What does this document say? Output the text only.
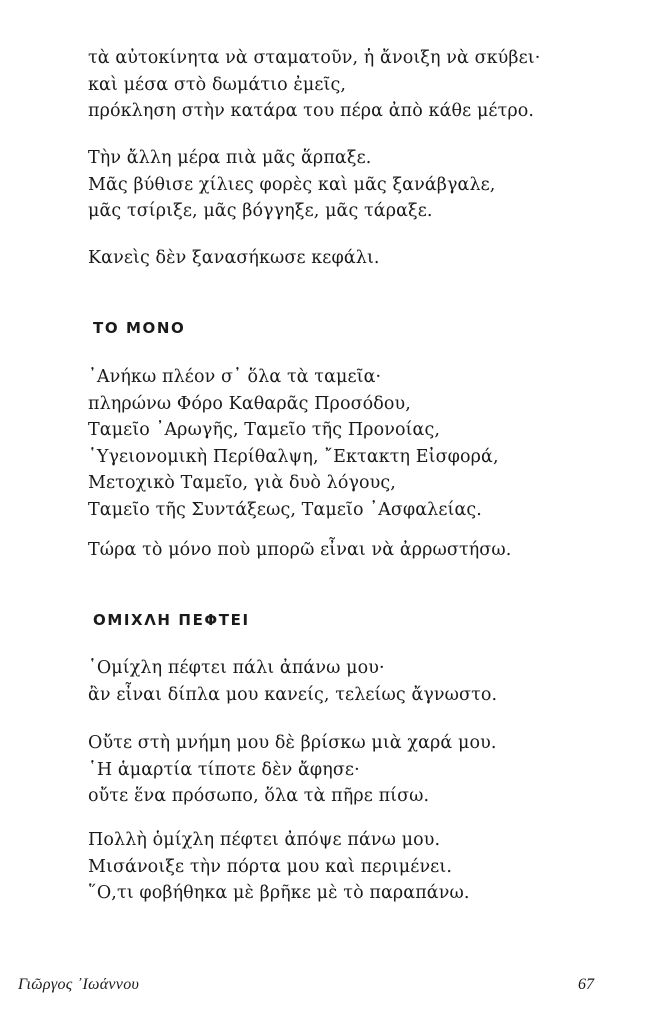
τὰ αὐτοκίνητα νὰ σταματοῦν, ἡ ἄνοιξη νὰ σκύβει·
καὶ μέσα στὸ δωμάτιο ἐμεῖς,
πρόκληση στὴν κατάρα του πέρα ἀπὸ κάθε μέτρο.
Τὴν ἄλλη μέρα πιὰ μᾶς ἅρπαξε.
Μᾶς βύθισε χίλιες φορὲς καὶ μᾶς ξανάβγαλε,
μᾶς τσίριξε, μᾶς βόγγηξε, μᾶς τάραξε.
Κανεὶς δὲν ξανασήκωσε κεφάλι.
ΤΟ ΜΟΝΟ
᾿Ανήκω πλέον σ᾿ ὅλα τὰ ταμεῖα·
πληρώνω Φόρο Καθαρᾶς Προσόδου,
Ταμεῖο ᾿Αρωγῆς, Ταμεῖο τῆς Προνοίας,
῾Υγειονομικὴ Περίθαλψη, ῎Εκτακτη Εἰσφορά,
Μετοχικὸ Ταμεῖο, γιὰ δυὸ λόγους,
Ταμεῖο τῆς Συντάξεως, Ταμεῖο ᾿Ασφαλείας.
Τώρα τὸ μόνο ποὺ μπορῶ εἶναι νὰ ἀρρωστήσω.
ΟΜΙΧΛΗ ΠΕΦΤΕΙ
῾Ομίχλη πέφτει πάλι ἀπάνω μου·
ἂν εἶναι δίπλα μου κανείς, τελείως ἄγνωστο.
Οὔτε στὴ μνήμη μου δὲ βρίσκω μιὰ χαρά μου.
῾Η ἁμαρτία τίποτε δὲν ἄφησε·
οὔτε ἕνα πρόσωπο, ὅλα τὰ πῆρε πίσω.
Πολλὴ ὁμίχλη πέφτει ἀπόψε πάνω μου.
Μισάνοιξε τὴν πόρτα μου καὶ περιμένει.
῞Ο,τι φοβήθηκα μὲ βρῆκε μὲ τὸ παραπάνω.
Γιῶργος ᾿Ιωάννου	67
